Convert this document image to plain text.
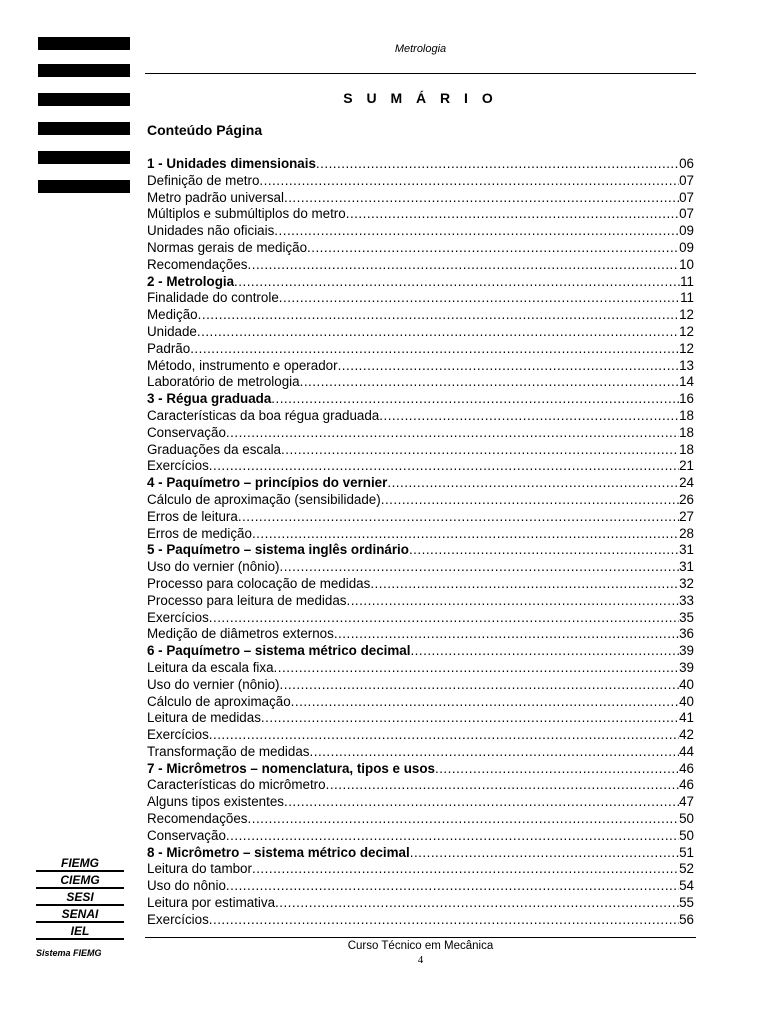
Metrologia
S U M Á R I O
Conteúdo Página
1 - Unidades dimensionais .....	06
Definição de metro .....	07
Metro padrão universal .....	07
Múltiplos e submúltiplos do metro .....	07
Unidades não oficiais .....	09
Normas gerais de medição .....	09
Recomendações .....	10
2 - Metrologia .....	11
Finalidade do controle .....	11
Medição .....	12
Unidade .....	12
Padrão .....	12
Método, instrumento e operador .....	13
Laboratório de metrologia .....	14
3 - Régua graduada .....	16
Características da boa régua graduada .....	18
Conservação .....	18
Graduações da escala .....	18
Exercícios .....	21
4 - Paquímetro – princípios do vernier .....	24
Cálculo de aproximação (sensibilidade) .....	26
Erros de leitura .....	27
Erros de medição .....	28
5 - Paquímetro – sistema inglês ordinário .....	31
Uso do vernier (nônio) .....	31
Processo para colocação de medidas .....	32
Processo para leitura de medidas .....	33
Exercícios .....	35
Medição de diâmetros externos .....	36
6 - Paquímetro – sistema métrico decimal .....	39
Leitura da escala fixa .....	39
Uso do vernier (nônio) .....	40
Cálculo de aproximação .....	40
Leitura de medidas .....	41
Exercícios .....	42
Transformação de medidas .....	44
7 - Micrômetros – nomenclatura, tipos e usos .....	46
Características do micrômetro .....	46
Alguns tipos existentes .....	47
Recomendações .....	50
Conservação .....	50
8 - Micrômetro – sistema métrico decimal .....	51
Leitura do tambor .....	52
Uso do nônio .....	54
Leitura por estimativa .....	55
Exercícios .....	56
FIEMG
CIEMG
SESI
SENAI
IEL
Sistema FIEMG
Curso Técnico em Mecânica
4
